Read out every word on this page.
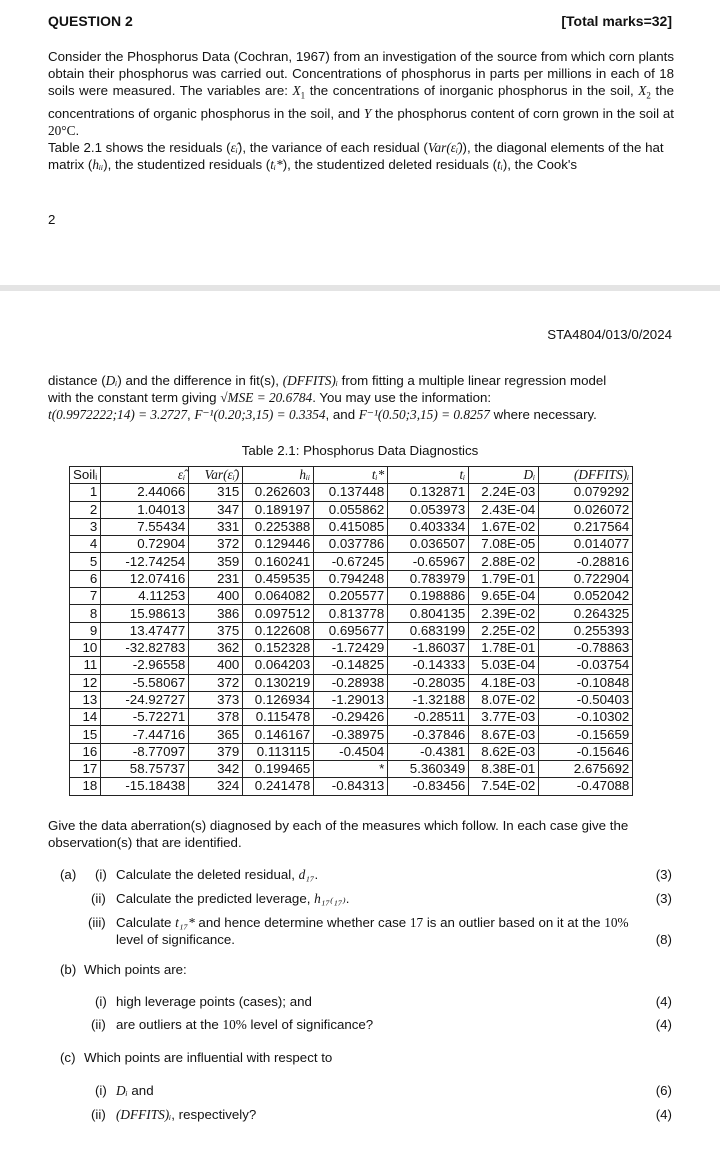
QUESTION 2	[Total marks=32]

Consider the Phosphorus Data (Cochran, 1967) from an investigation of the source from which corn plants obtain their phosphorus was carried out. Concentrations of phosphorus in parts per millions in each of 18 soils were measured. The variables are: $X_1$ the concentrations of inorganic phosphorus in the soil, $X_2$ the concentrations of organic phosphorus in the soil, and Y the phosphorus content of corn grown in the soil at 20°C.

Table 2.1 shows the residuals (ε̂ᵢ), the variance of each residual (Var(ε̂ᵢ)), the diagonal elements of the hat matrix (hᵢᵢ), the studentized residuals (tᵢ*), the studentized deleted residuals (tᵢ), the Cook's

2
STA4804/013/0/2024

distance (Dᵢ) and the difference in fit(s), (DFFITS)ᵢ from fitting a multiple linear regression model

with the constant term giving √MSE = 20.6784. You may use the information:

t(0.9972222;14) = 3.2727, F⁻¹(0.20;3,15) = 0.3354, and F⁻¹(0.50;3,15) = 0.8257 where necessary.

Table 2.1: Phosphorus Data Diagnostics
Soilᵢ	ε̂ᵢ	Var(ε̂ᵢ)	hᵢᵢ	tᵢ*	tᵢ	Dᵢ	(DFFITS)ᵢ
1	2.44066	315	0.262603	0.137448	0.132871	2.24E-03	0.079292
2	1.04013	347	0.189197	0.055862	0.053973	2.43E-04	0.026072
3	7.55434	331	0.225388	0.415085	0.403334	1.67E-02	0.217564
4	0.72904	372	0.129446	0.037786	0.036507	7.08E-05	0.014077
5	-12.74254	359	0.160241	-0.67245	-0.65967	2.88E-02	-0.28816
6	12.07416	231	0.459535	0.794248	0.783979	1.79E-01	0.722904
7	4.11253	400	0.064082	0.205577	0.198886	9.65E-04	0.052042
8	15.98613	386	0.097512	0.813778	0.804135	2.39E-02	0.264325
9	13.47477	375	0.122608	0.695677	0.683199	2.25E-02	0.255393
10	-32.82783	362	0.152328	-1.72429	-1.86037	1.78E-01	-0.78863
11	-2.96558	400	0.064203	-0.14825	-0.14333	5.03E-04	-0.03754
12	-5.58067	372	0.130219	-0.28938	-0.28035	4.18E-03	-0.10848
13	-24.92727	373	0.126934	-1.29013	-1.32188	8.07E-02	-0.50403
14	-5.72271	378	0.115478	-0.29426	-0.28511	3.77E-03	-0.10302
15	-7.44716	365	0.146167	-0.38975	-0.37846	8.67E-03	-0.15659
16	-8.77097	379	0.113115	-0.4504	-0.4381	8.62E-03	-0.15646
17	58.75737	342	0.199465	*	5.360349	8.38E-01	2.675692
18	-15.18438	324	0.241478	-0.84313	-0.83456	7.54E-02	-0.47088

Give the data aberration(s) diagnosed by each of the measures which follow. In each case give the

observation(s) that are identified.

(a) (i) Calculate the deleted residual, d₁₇.	(3)
(ii) Calculate the predicted leverage, h₁₇₍₁₇₎.	(3)
(iii) Calculate t₁₇* and hence determine whether case 17 is an outlier based on it at the 10%
level of significance.	(8)
(b) Which points are:
(i) high leverage points (cases); and	(4)
(ii) are outliers at the 10% level of significance?	(4)
(c) Which points are influential with respect to
(i) Dᵢ and	(6)
(ii) (DFFITS)ᵢ, respectively?	(4)
